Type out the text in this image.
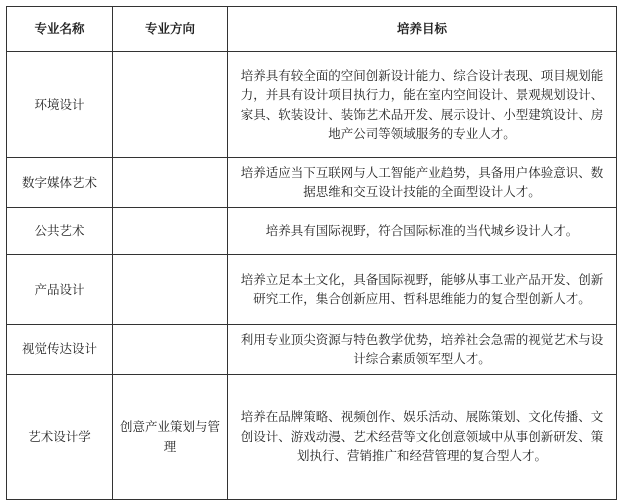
专业名称	专业方向	培养目标
环境设计		培养具有较全面的空间创新设计能力、综合设计表现、项目规划能力，并具有设计项目执行力，能在室内空间设计、景观规划设计、家具、软装设计、装饰艺术品开发、展示设计、小型建筑设计、房地产公司等领域服务的专业人才。
数字媒体艺术		培养适应当下互联网与人工智能产业趋势，具备用户体验意识、数据思维和交互设计技能的全面型设计人才。
公共艺术		培养具有国际视野，符合国际标准的当代城乡设计人才。
产品设计		培养立足本土文化，具备国际视野，能够从事工业产品开发、创新研究工作，集合创新应用、哲科思维能力的复合型创新人才。
视觉传达设计		利用专业顶尖资源与特色教学优势，培养社会急需的视觉艺术与设计综合素质领军型人才。
艺术设计学	创意产业策划与管理	培养在品牌策略、视频创作、娱乐活动、展陈策划、文化传播、文创设计、游戏动漫、艺术经营等文化创意领域中从事创新研发、策划执行、营销推广和经营管理的复合型人才。
